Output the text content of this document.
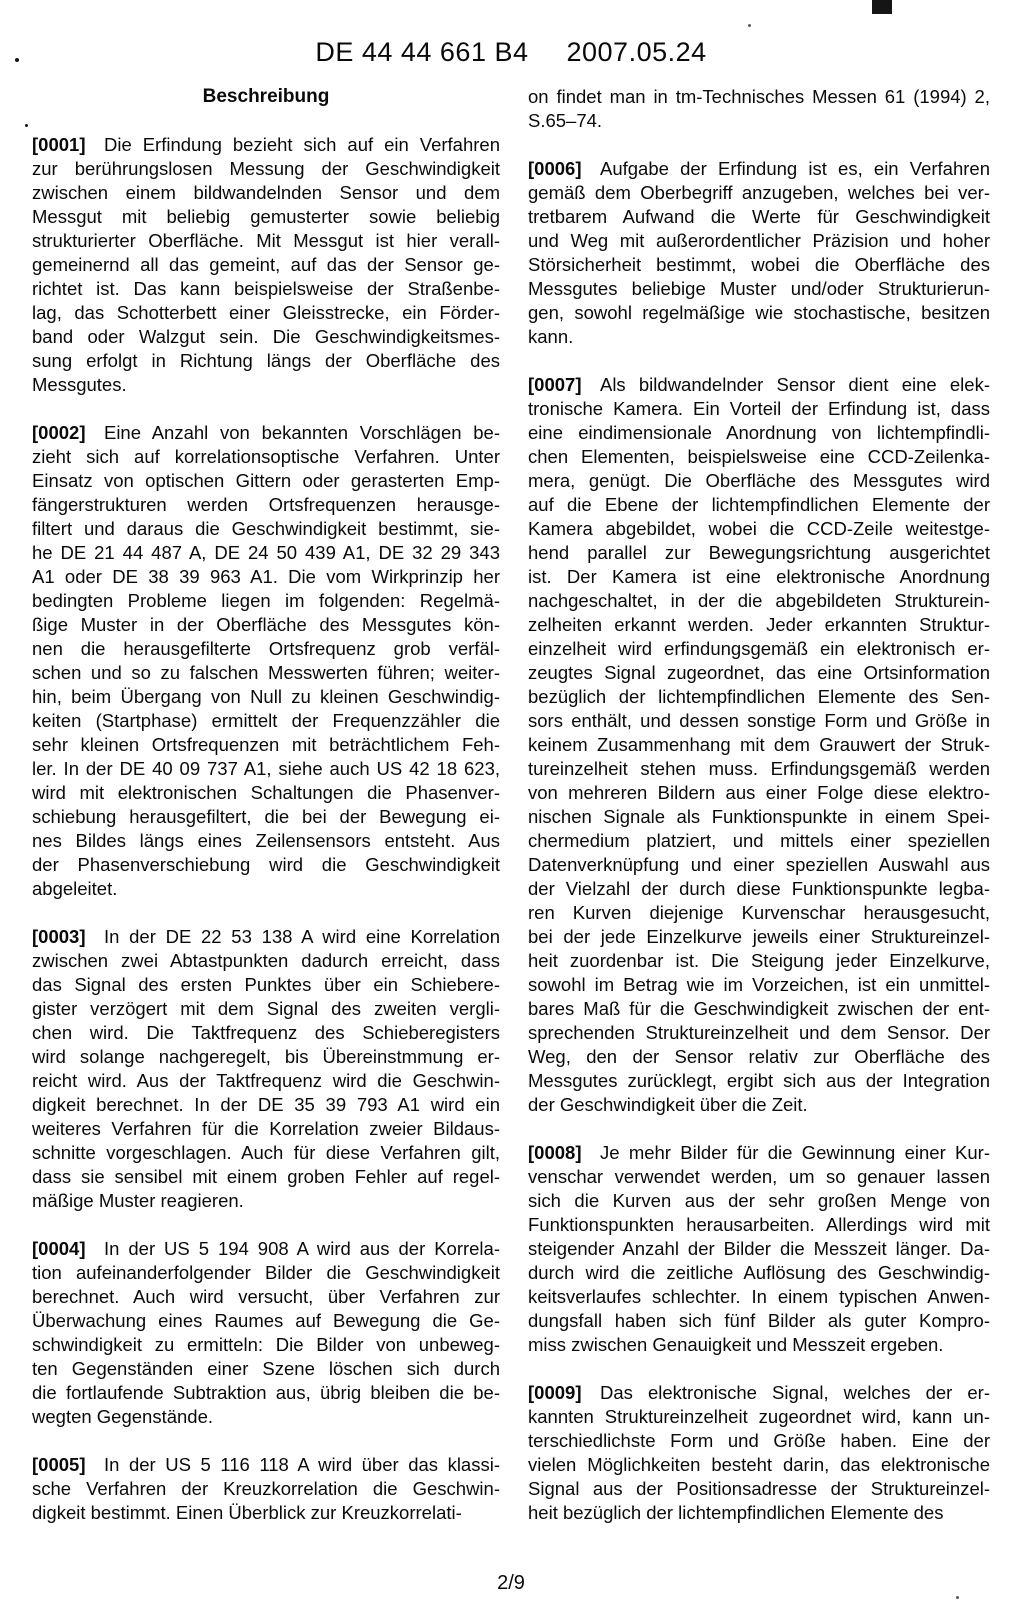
DE 44 44 661 B4 2007.05.24
Beschreibung
[0001]  Die Erfindung bezieht sich auf ein Verfahren
zur berührungslosen Messung der Geschwindigkeit
zwischen einem bildwandelnden Sensor und dem
Messgut mit beliebig gemusterter sowie beliebig
strukturierter Oberfläche. Mit Messgut ist hier verall-
gemeinernd all das gemeint, auf das der Sensor ge-
richtet ist. Das kann beispielsweise der Straßenbe-
lag, das Schotterbett einer Gleisstrecke, ein Förder-
band oder Walzgut sein. Die Geschwindigkeitsmes-
sung erfolgt in Richtung längs der Oberfläche des
Messgutes.
[0002]  Eine Anzahl von bekannten Vorschlägen be-
zieht sich auf korrelationsoptische Verfahren. Unter
Einsatz von optischen Gittern oder gerasterten Emp-
fängerstrukturen werden Ortsfrequenzen herausge-
filtert und daraus die Geschwindigkeit bestimmt, sie-
he DE 21 44 487 A, DE 24 50 439 A1, DE 32 29 343
A1 oder DE 38 39 963 A1. Die vom Wirkprinzip her
bedingten Probleme liegen im folgenden: Regelmä-
ßige Muster in der Oberfläche des Messgutes kön-
nen die herausgefilterte Ortsfrequenz grob verfäl-
schen und so zu falschen Messwerten führen; weiter-
hin, beim Übergang von Null zu kleinen Geschwindig-
keiten (Startphase) ermittelt der Frequenzzähler die
sehr kleinen Ortsfrequenzen mit beträchtlichem Feh-
ler. In der DE 40 09 737 A1, siehe auch US 42 18 623,
wird mit elektronischen Schaltungen die Phasenver-
schiebung herausgefiltert, die bei der Bewegung ei-
nes Bildes längs eines Zeilensensors entsteht. Aus
der Phasenverschiebung wird die Geschwindigkeit
abgeleitet.
[0003]  In der DE 22 53 138 A wird eine Korrelation
zwischen zwei Abtastpunkten dadurch erreicht, dass
das Signal des ersten Punktes über ein Schiebere-
gister verzögert mit dem Signal des zweiten vergli-
chen wird. Die Taktfrequenz des Schieberegisters
wird solange nachgeregelt, bis Übereinstmmung er-
reicht wird. Aus der Taktfrequenz wird die Geschwin-
digkeit berechnet. In der DE 35 39 793 A1 wird ein
weiteres Verfahren für die Korrelation zweier Bildaus-
schnitte vorgeschlagen. Auch für diese Verfahren gilt,
dass sie sensibel mit einem groben Fehler auf regel-
mäßige Muster reagieren.
[0004]  In der US 5 194 908 A wird aus der Korrela-
tion aufeinanderfolgender Bilder die Geschwindigkeit
berechnet. Auch wird versucht, über Verfahren zur
Überwachung eines Raumes auf Bewegung die Ge-
schwindigkeit zu ermitteln: Die Bilder von unbeweg-
ten Gegenständen einer Szene löschen sich durch
die fortlaufende Subtraktion aus, übrig bleiben die be-
wegten Gegenstände.
[0005]  In der US 5 116 118 A wird über das klassi-
sche Verfahren der Kreuzkorrelation die Geschwin-
digkeit bestimmt. Einen Überblick zur Kreuzkorrelati-
on findet man in tm-Technisches Messen 61 (1994) 2,
S.65–74.
[0006]  Aufgabe der Erfindung ist es, ein Verfahren
gemäß dem Oberbegriff anzugeben, welches bei ver-
tretbarem Aufwand die Werte für Geschwindigkeit
und Weg mit außerordentlicher Präzision und hoher
Störsicherheit bestimmt, wobei die Oberfläche des
Messgutes beliebige Muster und/oder Strukturierun-
gen, sowohl regelmäßige wie stochastische, besitzen
kann.
[0007]  Als bildwandelnder Sensor dient eine elek-
tronische Kamera. Ein Vorteil der Erfindung ist, dass
eine eindimensionale Anordnung von lichtempfindli-
chen Elementen, beispielsweise eine CCD-Zeilenka-
mera, genügt. Die Oberfläche des Messgutes wird
auf die Ebene der lichtempfindlichen Elemente der
Kamera abgebildet, wobei die CCD-Zeile weitestge-
hend parallel zur Bewegungsrichtung ausgerichtet
ist. Der Kamera ist eine elektronische Anordnung
nachgeschaltet, in der die abgebildeten Strukturein-
zelheiten erkannt werden. Jeder erkannten Struktur-
einzelheit wird erfindungsgemäß ein elektronisch er-
zeugtes Signal zugeordnet, das eine Ortsinformation
bezüglich der lichtempfindlichen Elemente des Sen-
sors enthält, und dessen sonstige Form und Größe in
keinem Zusammenhang mit dem Grauwert der Struk-
tureinzelheit stehen muss. Erfindungsgemäß werden
von mehreren Bildern aus einer Folge diese elektro-
nischen Signale als Funktionspunkte in einem Spei-
chermedium platziert, und mittels einer speziellen
Datenverknüpfung und einer speziellen Auswahl aus
der Vielzahl der durch diese Funktionspunkte legba-
ren Kurven diejenige Kurvenschar herausgesucht,
bei der jede Einzelkurve jeweils einer Struktureinzel-
heit zuordenbar ist. Die Steigung jeder Einzelkurve,
sowohl im Betrag wie im Vorzeichen, ist ein unmittel-
bares Maß für die Geschwindigkeit zwischen der ent-
sprechenden Struktureinzelheit und dem Sensor. Der
Weg, den der Sensor relativ zur Oberfläche des
Messgutes zurücklegt, ergibt sich aus der Integration
der Geschwindigkeit über die Zeit.
[0008]  Je mehr Bilder für die Gewinnung einer Kur-
venschar verwendet werden, um so genauer lassen
sich die Kurven aus der sehr großen Menge von
Funktionspunkten herausarbeiten. Allerdings wird mit
steigender Anzahl der Bilder die Messzeit länger. Da-
durch wird die zeitliche Auflösung des Geschwindig-
keitsverlaufes schlechter. In einem typischen Anwen-
dungsfall haben sich fünf Bilder als guter Kompro-
miss zwischen Genauigkeit und Messzeit ergeben.
[0009]  Das elektronische Signal, welches der er-
kannten Struktureinzelheit zugeordnet wird, kann un-
terschiedlichste Form und Größe haben. Eine der
vielen Möglichkeiten besteht darin, das elektronische
Signal aus der Positionsadresse der Struktureinzel-
heit bezüglich der lichtempfindlichen Elemente des
2/9
